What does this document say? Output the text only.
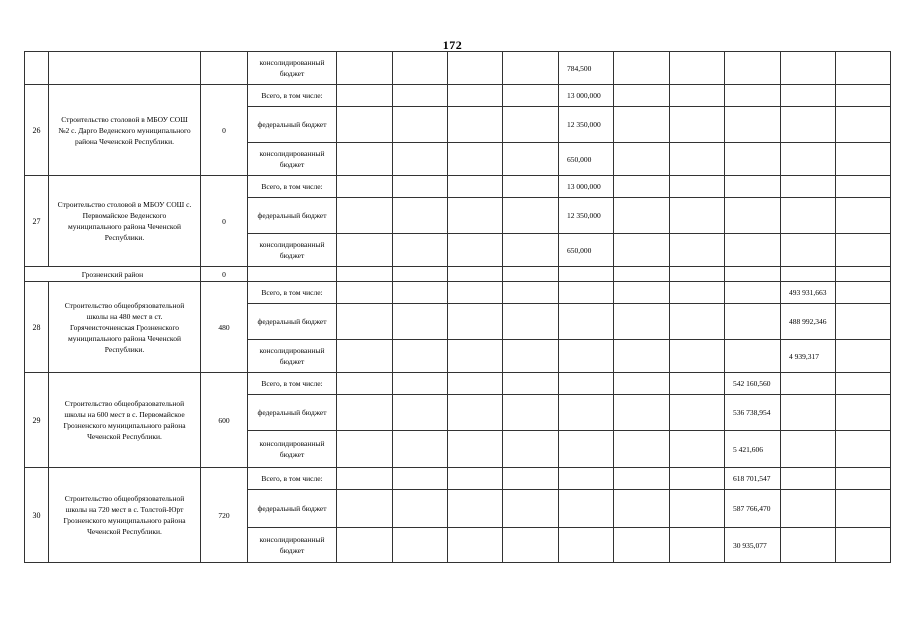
172
			консолидированный бюджет					784,500					
26	Строительство столовой в МБОУ СОШ №2 с. Дарго Веденского муниципального района Чеченской Республики.	0	Всего, в том числе:					13 000,000					
			федеральный бюджет					12 350,000					
			консолидированный бюджет					650,000					
27	Строительство столовой в МБОУ СОШ с. Первомайское Веденского муниципального района Чеченской Республики.	0	Всего, в том числе:					13 000,000					
			федеральный бюджет					12 350,000					
			консолидированный бюджет					650,000					
Грозненский район		0											
28	Строительство общеобрязовательной школы на 480 мест в ст. Горячеисточненская Грозненского муниципального района Чеченской Республики.	480	Всего, в том числе:									493 931,663	
			федеральный бюджет									488 992,346	
			консолидированный бюджет									4 939,317	
29	Строительство общеобразовательной школы на 600 мест в с. Первомайское Грозненского муниципального района Чеченской Республики.	600	Всего, в том числе:								542 160,560		
			федеральный бюджет								536 738,954		
			консолидированный бюджет								5 421,606		
30	Строительство общеобрязовательной школы на 720 мест в с. Толстой-Юрт Грозненского муниципального района Чеченской Республики.	720	Всего, в том числе:								618 701,547		
			федеральный бюджет								587 766,470		
			консолидированный бюджет								30 935,077		
